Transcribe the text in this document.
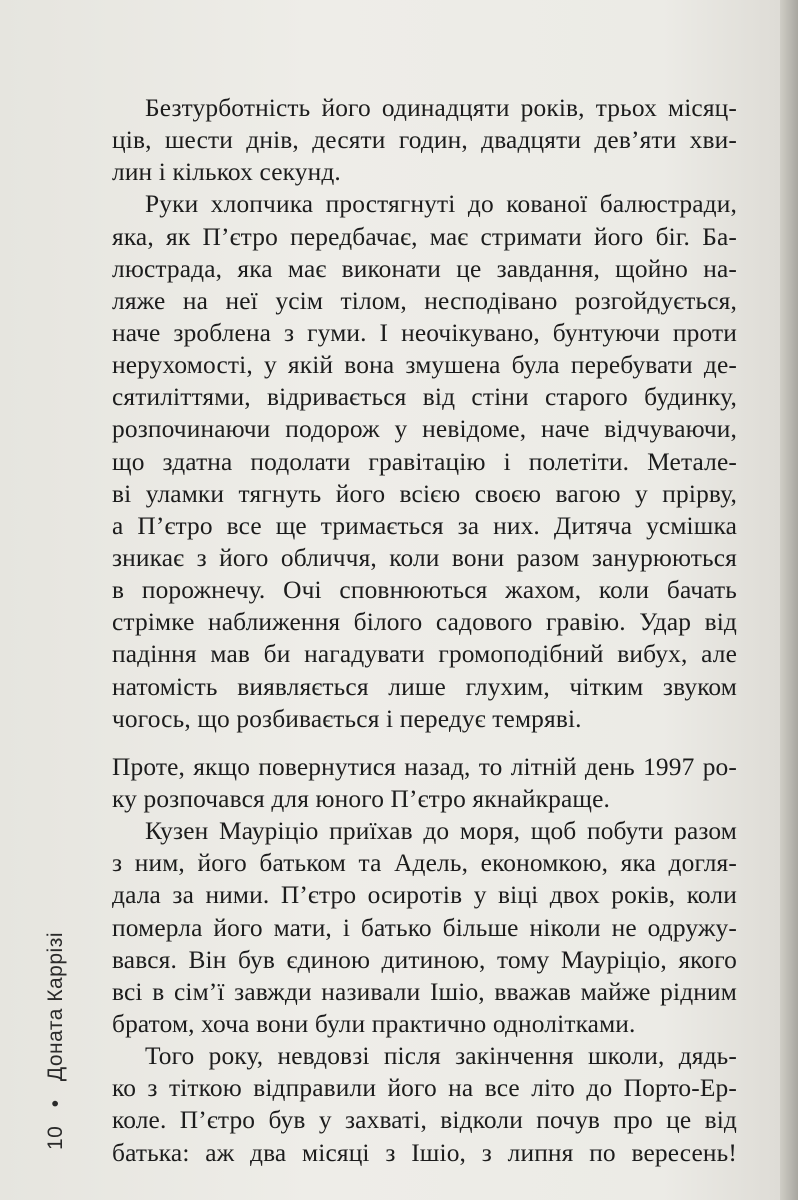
Безтурботність його одинадцяти років, трьох місяц-
ців, шести днів, десяти годин, двадцяти дев’яти хви-
лин і кількох секунд.
Руки хлопчика простягнуті до кованої балюстради,
яка, як П’єтро передбачає, має стримати його біг. Ба-
люстрада, яка має виконати це завдання, щойно на-
ляже на неї усім тілом, несподівано розгойдується,
наче зроблена з гуми. І неочікувано, бунтуючи проти
нерухомості, у якій вона змушена була перебувати де-
сятиліттями, відривається від стіни старого будинку,
розпочинаючи подорож у невідоме, наче відчуваючи,
що здатна подолати гравітацію і полетіти. Металe-
ві уламки тягнуть його всією своєю вагою у прірву,
а П’єтро все ще тримається за них. Дитяча усмішка
зникає з його обличчя, коли вони разом занурюються
в порожнечу. Очі сповнюються жахом, коли бачать
стрімке наближення білого садового гравію. Удар від
падіння мав би нагадувати громоподібний вибух, але
натомість виявляється лише глухим, чітким звуком
чогось, що розбивається і передує темряві.
Проте, якщо повернутися назад, то літній день 1997 ро-
ку розпочався для юного П’єтро якнайкраще.
Кузен Мауріціо приїхав до моря, щоб побути разом
з ним, його батьком та Адель, економкою, яка догля-
дала за ними. П’єтро осиротів у віці двох років, коли
померла його мати, і батько більше ніколи не одружу-
вався. Він був єдиною дитиною, тому Мауріціо, якого
всі в сім’ї завжди називали Ішіо, вважав майже рідним
братом, хоча вони були практично однолітками.
Того року, невдовзі після закінчення школи, дядь-
ко з тіткою відправили його на все літо до Порто-Ер-
коле. П’єтро був у захваті, відколи почув про це від
батька: аж два місяці з Ішіо, з липня по вересень!
10 • Доната Каррізі
